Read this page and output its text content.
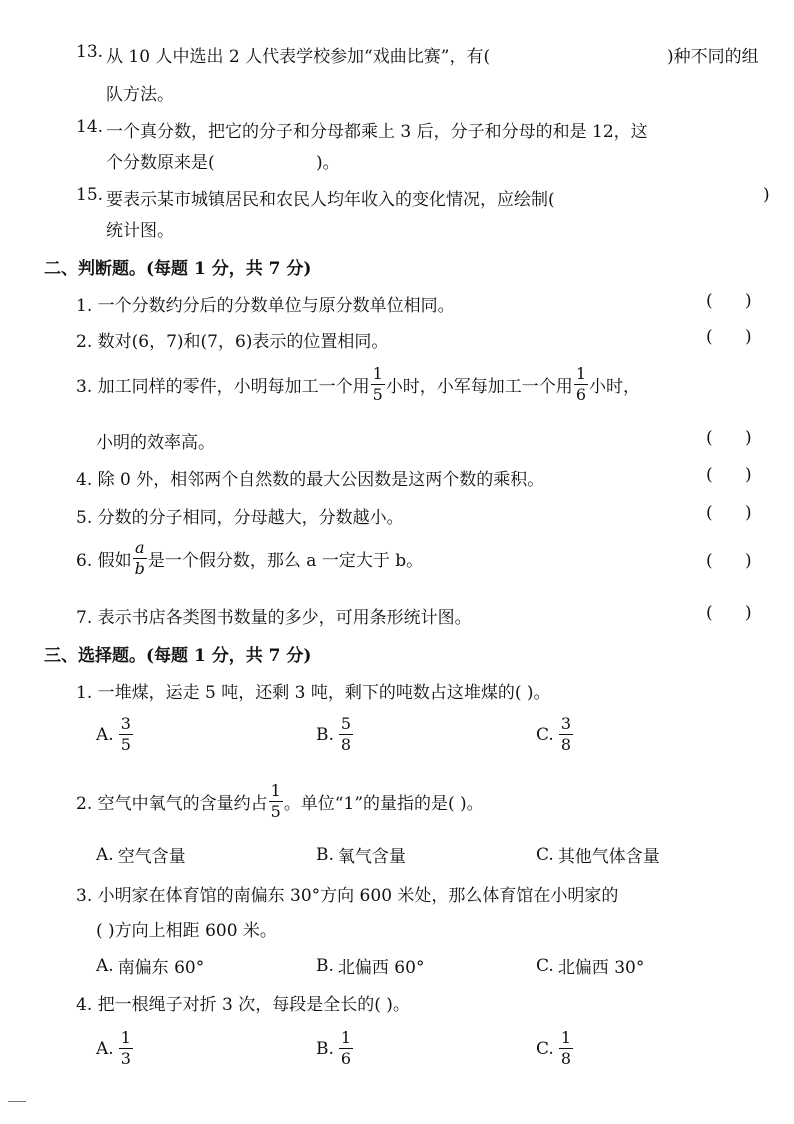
13. 从 10 人中选出 2 人代表学校参加“戏曲比赛”，有(	)种不同的组
队方法。
14. 一个真分数，把它的分子和分母都乘上 3 后，分子和分母的和是 12，这
个分数原来是(	)。
15. 要表示某市城镇居民和农民人均年收入的变化情况，应绘制(	)
统计图。
二、判断题。(每题 1 分，共 7 分)
1. 一个分数约分后的分数单位与原分数单位相同。	(      )
2. 数对(6，7)和(7，6)表示的位置相同。	(      )
3. 加工同样的零件，小明每加工一个用 $\frac{1}{5}$ 小时，小军每加工一个用 $\frac{1}{6}$ 小时，
小明的效率高。	(      )
4. 除 0 外，相邻两个自然数的最大公因数是这两个数的乘积。	(      )
5. 分数的分子相同，分母越大，分数越小。	(      )
6. 假如 $\frac{a}{b}$ 是一个假分数，那么 a 一定大于 b。	(      )
7. 表示书店各类图书数量的多少，可用条形统计图。	(      )
三、选择题。(每题 1 分，共 7 分)
1. 一堆煤，运走 5 吨，还剩 3 吨，剩下的吨数占这堆煤的( )。
A. $\frac{3}{5}$	B. $\frac{5}{8}$	C. $\frac{3}{8}$
2. 空气中氧气的含量约占 $\frac{1}{5}$ 。单位“1”的量指的是( )。
A. 空气含量	B. 氧气含量	C. 其他气体含量
3. 小明家在体育馆的南偏东 30°方向 600 米处，那么体育馆在小明家的
( )方向上相距 600 米。
A. 南偏东 60°	B. 北偏西 60°	C. 北偏西 30°
4. 把一根绳子对折 3 次，每段是全长的( )。
A. $\frac{1}{3}$	B. $\frac{1}{6}$	C. $\frac{1}{8}$
